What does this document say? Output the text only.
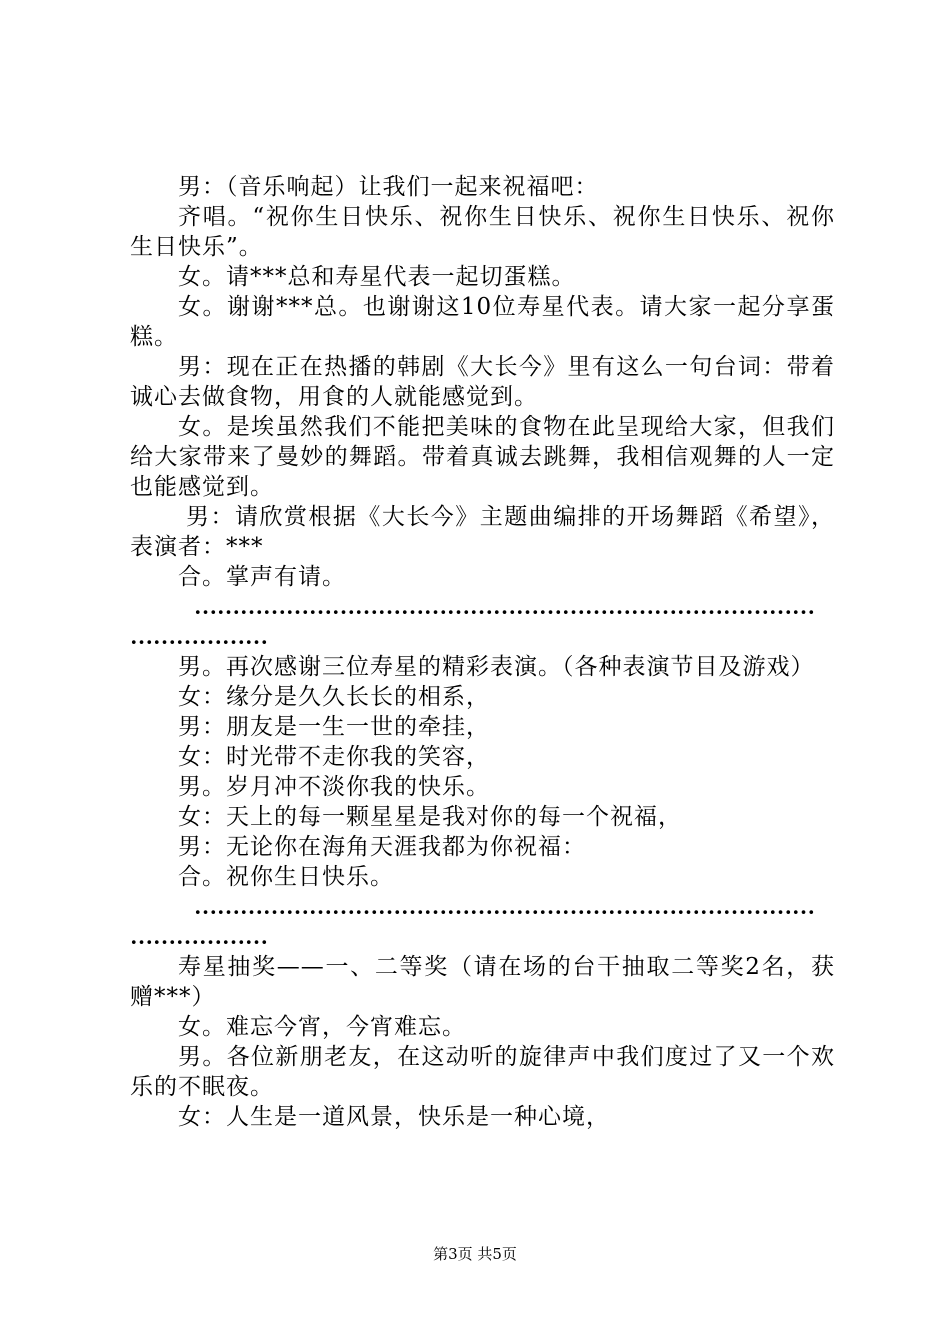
男：（音乐响起）让我们一起来祝福吧：

齐唱。“祝你生日快乐、祝你生日快乐、祝你生日快乐、祝你生日快乐”。

女。请***总和寿星代表一起切蛋糕。

女。谢谢***总。也谢谢这10位寿星代表。请大家一起分享蛋糕。

男：现在正在热播的韩剧《大长今》里有这么一句台词：带着诚心去做食物，用食的人就能感觉到。

女。是埃虽然我们不能把美味的食物在此呈现给大家，但我们给大家带来了曼妙的舞蹈。带着真诚去跳舞，我相信观舞的人一定也能感觉到。

男：请欣赏根据《大长今》主题曲编排的开场舞蹈《希望》，表演者：***

合。掌声有请。

………………………………………………………………………………………

男。再次感谢三位寿星的精彩表演。（各种表演节目及游戏）

女：缘分是久久长长的相系，

男：朋友是一生一世的牵挂，

女：时光带不走你我的笑容，

男。岁月冲不淡你我的快乐。

女：天上的每一颗星星是我对你的每一个祝福，

男：无论你在海角天涯我都为你祝福：

合。祝你生日快乐。

………………………………………………………………………………………

寿星抽奖——一、二等奖（请在场的台干抽取二等奖2名，获赠***）

女。难忘今宵，今宵难忘。

男。各位新朋老友，在这动听的旋律声中我们度过了又一个欢乐的不眠夜。

女：人生是一道风景，快乐是一种心境，

第3页 共5页
